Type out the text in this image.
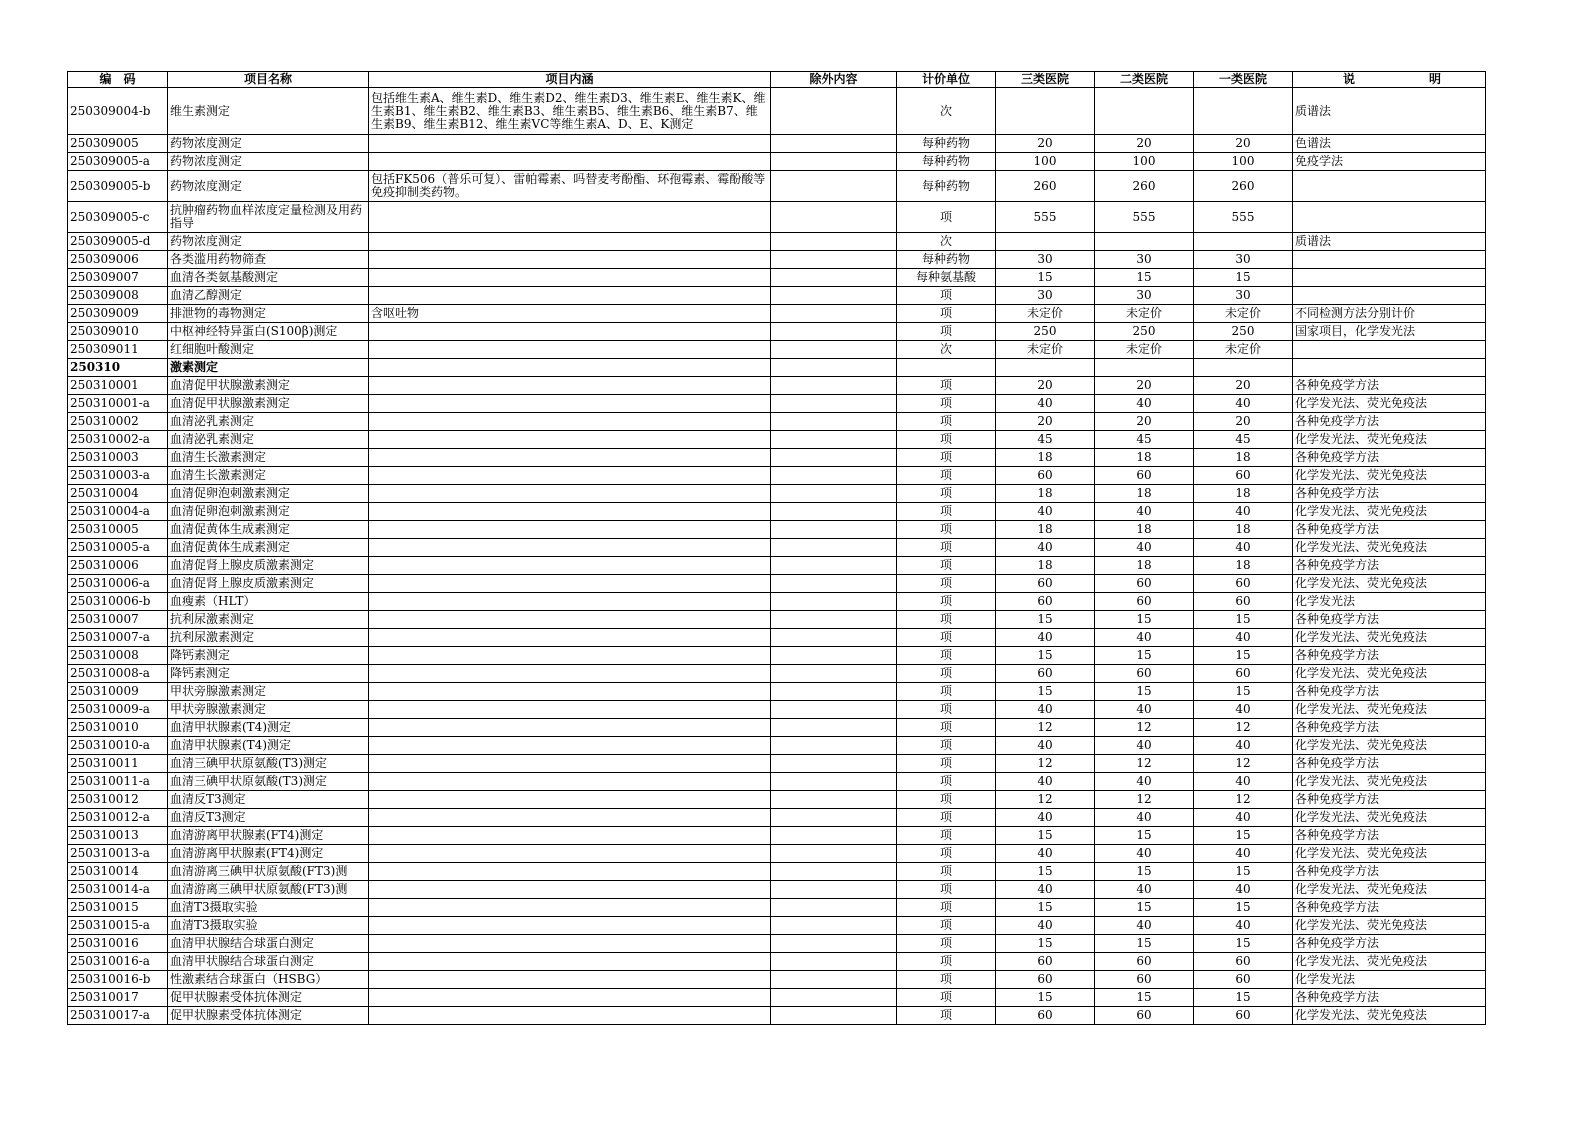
编　码	项目名称	项目内涵	除外内容	计价单位	三类医院	二类医院	一类医院	说 明

250309004-b	维生素测定	包括维生素A、维生素D、维生素D2、维生素D3、维生素E、维生素K、维生素B1、维生素B2、维生素B3、维生素B5、维生素B6、维生素B7、维生素B9、维生素B12、维生素VC等维生素A、D、E、K测定		次				质谱法
250309005	药物浓度测定			每种药物	20	20	20	色谱法
250309005-a	药物浓度测定			每种药物	100	100	100	免疫学法
250309005-b	药物浓度测定	包括FK506（普乐可复）、雷帕霉素、吗替麦考酚酯、环孢霉素、霉酚酸等免疫抑制类药物。		每种药物	260	260	260	
250309005-c	抗肿瘤药物血样浓度定量检测及用药指导			项	555	555	555	
250309005-d	药物浓度测定			次				质谱法
250309006	各类滥用药物筛查			每种药物	30	30	30	
250309007	血清各类氨基酸测定			每种氨基酸	15	15	15	
250309008	血清乙醇测定			项	30	30	30	
250309009	排泄物的毒物测定	含呕吐物		项	未定价	未定价	未定价	不同检测方法分别计价
250309010	中枢神经特异蛋白(S100β)测定			项	250	250	250	国家项目，化学发光法
250309011	红细胞叶酸测定			次	未定价	未定价	未定价	
250310	激素测定							
250310001	血清促甲状腺激素测定			项	20	20	20	各种免疫学方法
250310001-a	血清促甲状腺激素测定			项	40	40	40	化学发光法、荧光免疫法
250310002	血清泌乳素测定			项	20	20	20	各种免疫学方法
250310002-a	血清泌乳素测定			项	45	45	45	化学发光法、荧光免疫法
250310003	血清生长激素测定			项	18	18	18	各种免疫学方法
250310003-a	血清生长激素测定			项	60	60	60	化学发光法、荧光免疫法
250310004	血清促卵泡刺激素测定			项	18	18	18	各种免疫学方法
250310004-a	血清促卵泡刺激素测定			项	40	40	40	化学发光法、荧光免疫法
250310005	血清促黄体生成素测定			项	18	18	18	各种免疫学方法
250310005-a	血清促黄体生成素测定			项	40	40	40	化学发光法、荧光免疫法
250310006	血清促肾上腺皮质激素测定			项	18	18	18	各种免疫学方法
250310006-a	血清促肾上腺皮质激素测定			项	60	60	60	化学发光法、荧光免疫法
250310006-b	血瘦素（HLT）			项	60	60	60	化学发光法
250310007	抗利尿激素测定			项	15	15	15	各种免疫学方法
250310007-a	抗利尿激素测定			项	40	40	40	化学发光法、荧光免疫法
250310008	降钙素测定			项	15	15	15	各种免疫学方法
250310008-a	降钙素测定			项	60	60	60	化学发光法、荧光免疫法
250310009	甲状旁腺激素测定			项	15	15	15	各种免疫学方法
250310009-a	甲状旁腺激素测定			项	40	40	40	化学发光法、荧光免疫法
250310010	血清甲状腺素(T4)测定			项	12	12	12	各种免疫学方法
250310010-a	血清甲状腺素(T4)测定			项	40	40	40	化学发光法、荧光免疫法
250310011	血清三碘甲状原氨酸(T3)测定			项	12	12	12	各种免疫学方法
250310011-a	血清三碘甲状原氨酸(T3)测定			项	40	40	40	化学发光法、荧光免疫法
250310012	血清反T3测定			项	12	12	12	各种免疫学方法
250310012-a	血清反T3测定			项	40	40	40	化学发光法、荧光免疫法
250310013	血清游离甲状腺素(FT4)测定			项	15	15	15	各种免疫学方法
250310013-a	血清游离甲状腺素(FT4)测定			项	40	40	40	化学发光法、荧光免疫法
250310014	血清游离三碘甲状原氨酸(FT3)测			项	15	15	15	各种免疫学方法
250310014-a	血清游离三碘甲状原氨酸(FT3)测			项	40	40	40	化学发光法、荧光免疫法
250310015	血清T3摄取实验			项	15	15	15	各种免疫学方法
250310015-a	血清T3摄取实验			项	40	40	40	化学发光法、荧光免疫法
250310016	血清甲状腺结合球蛋白测定			项	15	15	15	各种免疫学方法
250310016-a	血清甲状腺结合球蛋白测定			项	60	60	60	化学发光法、荧光免疫法
250310016-b	性激素结合球蛋白（HSBG）			项	60	60	60	化学发光法
250310017	促甲状腺素受体抗体测定			项	15	15	15	各种免疫学方法
250310017-a	促甲状腺素受体抗体测定			项	60	60	60	化学发光法、荧光免疫法
